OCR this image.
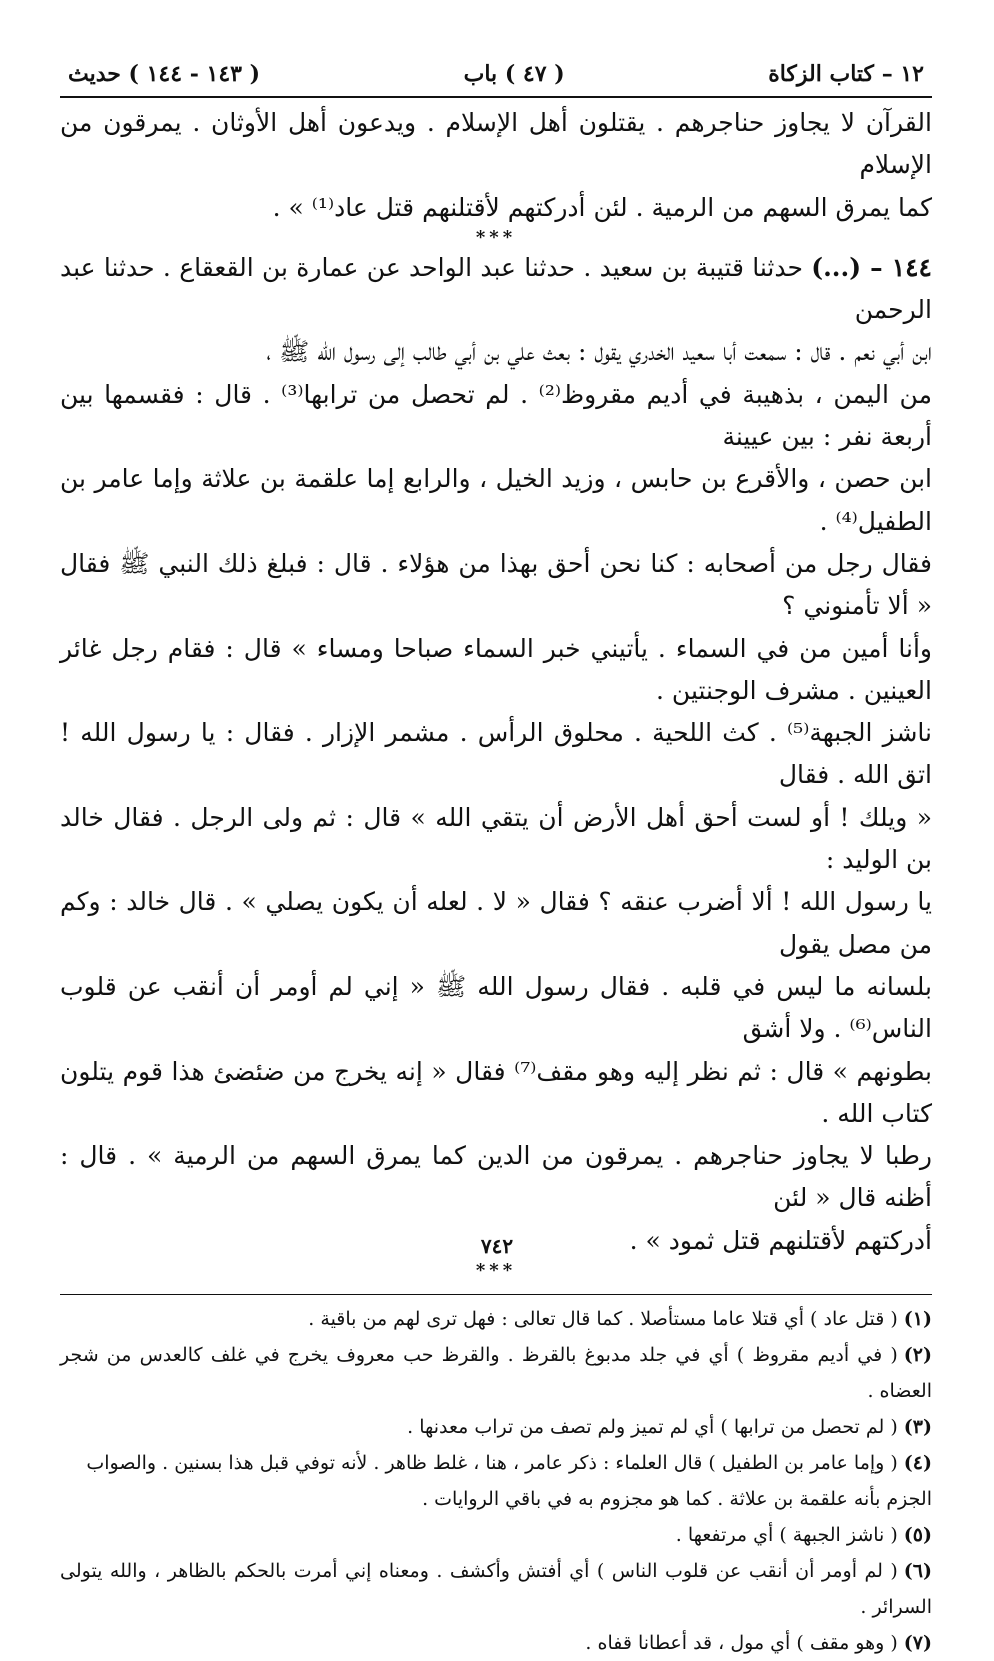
١٢ – كتاب الزكاة
( ٤٧ ) باب
( ١٤٣ - ١٤٤ ) حديث

القرآن لا يجاوز حناجرهم . يقتلون أهل الإسلام . ويدعون أهل الأوثان . يمرقون من الإسلام

كما يمرق السهم من الرمية . لئن أدركتهم لأقتلنهم قتل عاد⁽¹⁾ » .

***

١٤٤ – (...) حدثنا قتيبة بن سعيد . حدثنا عبد الواحد عن عمارة بن القعقاع . حدثنا عبد الرحمن

ابن أبي نعم . قال : سمعت أبا سعيد الخدري يقول : بعث علي بن أبي طالب إلى رسول الله ﷺ ،

من اليمن ، بذهيبة في أديم مقروظ⁽²⁾ . لم تحصل من ترابها⁽³⁾ . قال : فقسمها بين أربعة نفر : بين عيينة

ابن حصن ، والأقرع بن حابس ، وزيد الخيل ، والرابع إما علقمة بن علاثة وإما عامر بن الطفيل⁽⁴⁾ .

فقال رجل من أصحابه : كنا نحن أحق بهذا من هؤلاء . قال : فبلغ ذلك النبي ﷺ فقال « ألا تأمنوني ؟

وأنا أمين من في السماء . يأتيني خبر السماء صباحا ومساء » قال : فقام رجل غائر العينين . مشرف الوجنتين .

ناشز الجبهة⁽⁵⁾ . كث اللحية . محلوق الرأس . مشمر الإزار . فقال : يا رسول الله ! اتق الله . فقال

« ويلك ! أو لست أحق أهل الأرض أن يتقي الله » قال : ثم ولى الرجل . فقال خالد بن الوليد :

يا رسول الله ! ألا أضرب عنقه ؟ فقال « لا . لعله أن يكون يصلي » . قال خالد : وكم من مصل يقول

بلسانه ما ليس في قلبه . فقال رسول الله ﷺ « إني لم أومر أن أنقب عن قلوب الناس⁽⁶⁾ . ولا أشق

بطونهم » قال : ثم نظر إليه وهو مقف⁽⁷⁾ فقال « إنه يخرج من ضئضئ هذا قوم يتلون كتاب الله .

رطبا لا يجاوز حناجرهم . يمرقون من الدين كما يمرق السهم من الرمية » . قال : أظنه قال « لئن

أدركتهم لأقتلنهم قتل ثمود » .

***

(١)( قتل عاد ) أي قتلا عاما مستأصلا . كما قال تعالى : فهل ترى لهم من باقية .

(٢)( في أديم مقروظ ) أي في جلد مدبوغ بالقرظ . والقرظ حب معروف يخرج في غلف كالعدس من شجر العضاه .

(٣)( لم تحصل من ترابها ) أي لم تميز ولم تصف من تراب معدنها .

(٤)( وإما عامر بن الطفيل ) قال العلماء : ذكر عامر ، هنا ، غلط ظاهر . لأنه توفي قبل هذا بسنين . والصواب

الجزم بأنه علقمة بن علاثة . كما هو مجزوم به في باقي الروايات .

(٥)( ناشز الجبهة ) أي مرتفعها .

(٦)( لم أومر أن أنقب عن قلوب الناس ) أي أفتش وأكشف . ومعناه إني أمرت بالحكم بالظاهر ، والله يتولى السرائر .

(٧)( وهو مقف ) أي مول ، قد أعطانا قفاه .

٧٤٢
